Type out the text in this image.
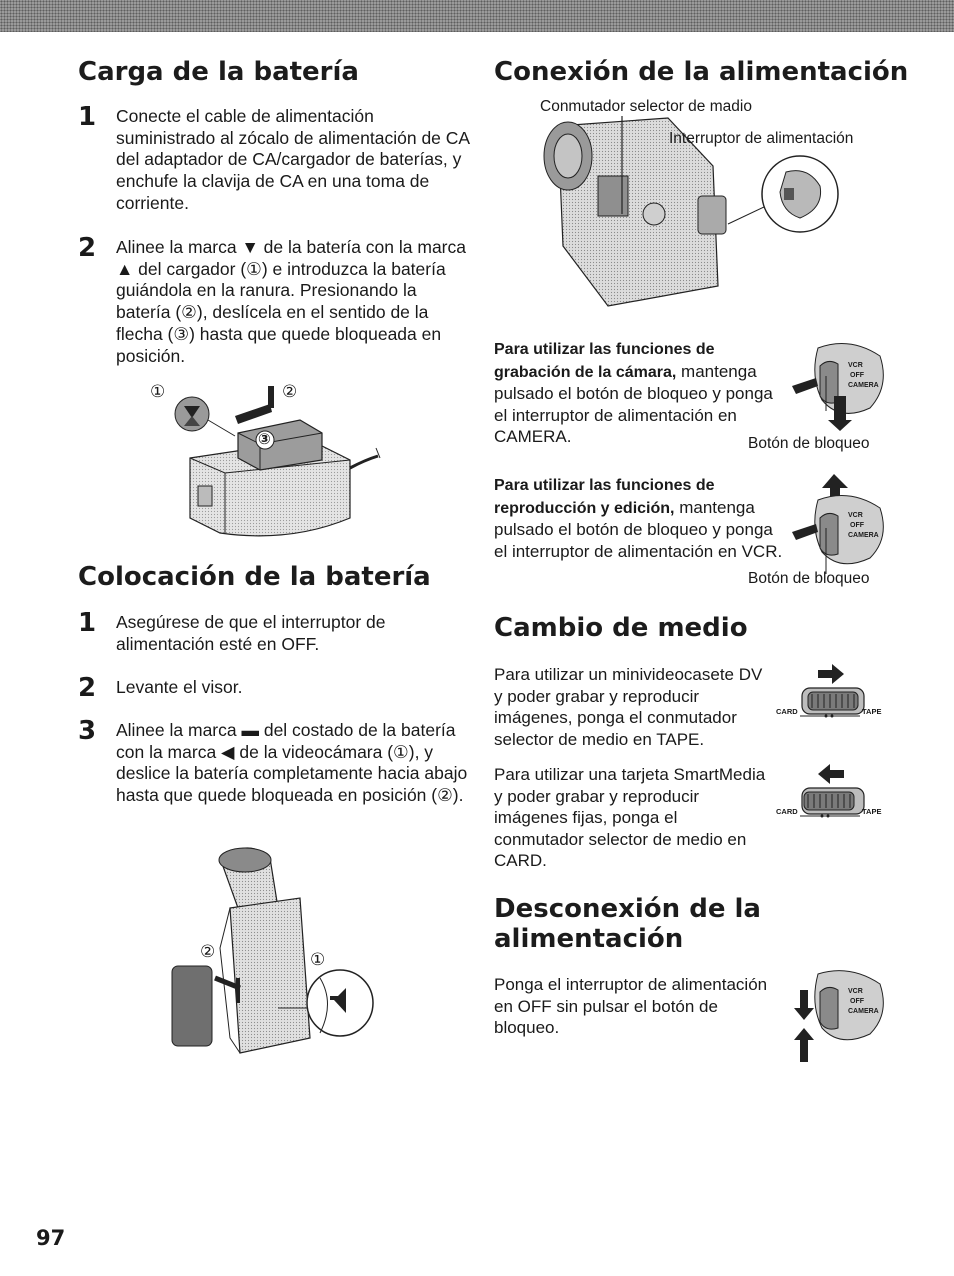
Carga de la batería
1 Conecte el cable de alimentación suministrado al zócalo de alimentación de CA del adaptador de CA/cargador de baterías, y enchufe la clavija de CA en una toma de corriente.
2 Alinee la marca ▼ de la batería con la marca ▲ del cargador (①) e introduzca la batería guiándola en la ranura. Presionando la batería (②), deslícela en el sentido de la flecha (③) hasta que quede bloqueada en posición.
①	②
③
Colocación de la batería
1 Asegúrese de que el interruptor de alimentación esté en OFF.
2 Levante el visor.
3 Alinee la marca ▬ del costado de la batería con la marca ◀ de la videocámara (①), y deslice la batería completamente hacia abajo hasta que quede bloqueada en posición (②).
②	①
Conexión de la alimentación
Conmutador selector de madio
Interruptor de alimentación
Para utilizar las funciones de grabación de la cámara, mantenga pulsado el botón de bloqueo y ponga el interruptor de alimentación en CAMERA.
VCR
OFF
CAMERA
Botón de bloqueo
Para utilizar las funciones de reproducción y edición, mantenga pulsado el botón de bloqueo y ponga el interruptor de alimentación en VCR.
VCR
OFF
CAMERA
Botón de bloqueo
Cambio de medio
Para utilizar un minivideocasete DV y poder grabar y reproducir imágenes, ponga el conmutador selector de medio en TAPE.
CARD	TAPE
Para utilizar una tarjeta SmartMedia y poder grabar y reproducir imágenes fijas, ponga el conmutador selector de medio en CARD.
CARD	TAPE
Desconexión de la alimentación
Ponga el interruptor de alimentación en OFF sin pulsar el botón de bloqueo.
VCR
OFF
CAMERA
97
